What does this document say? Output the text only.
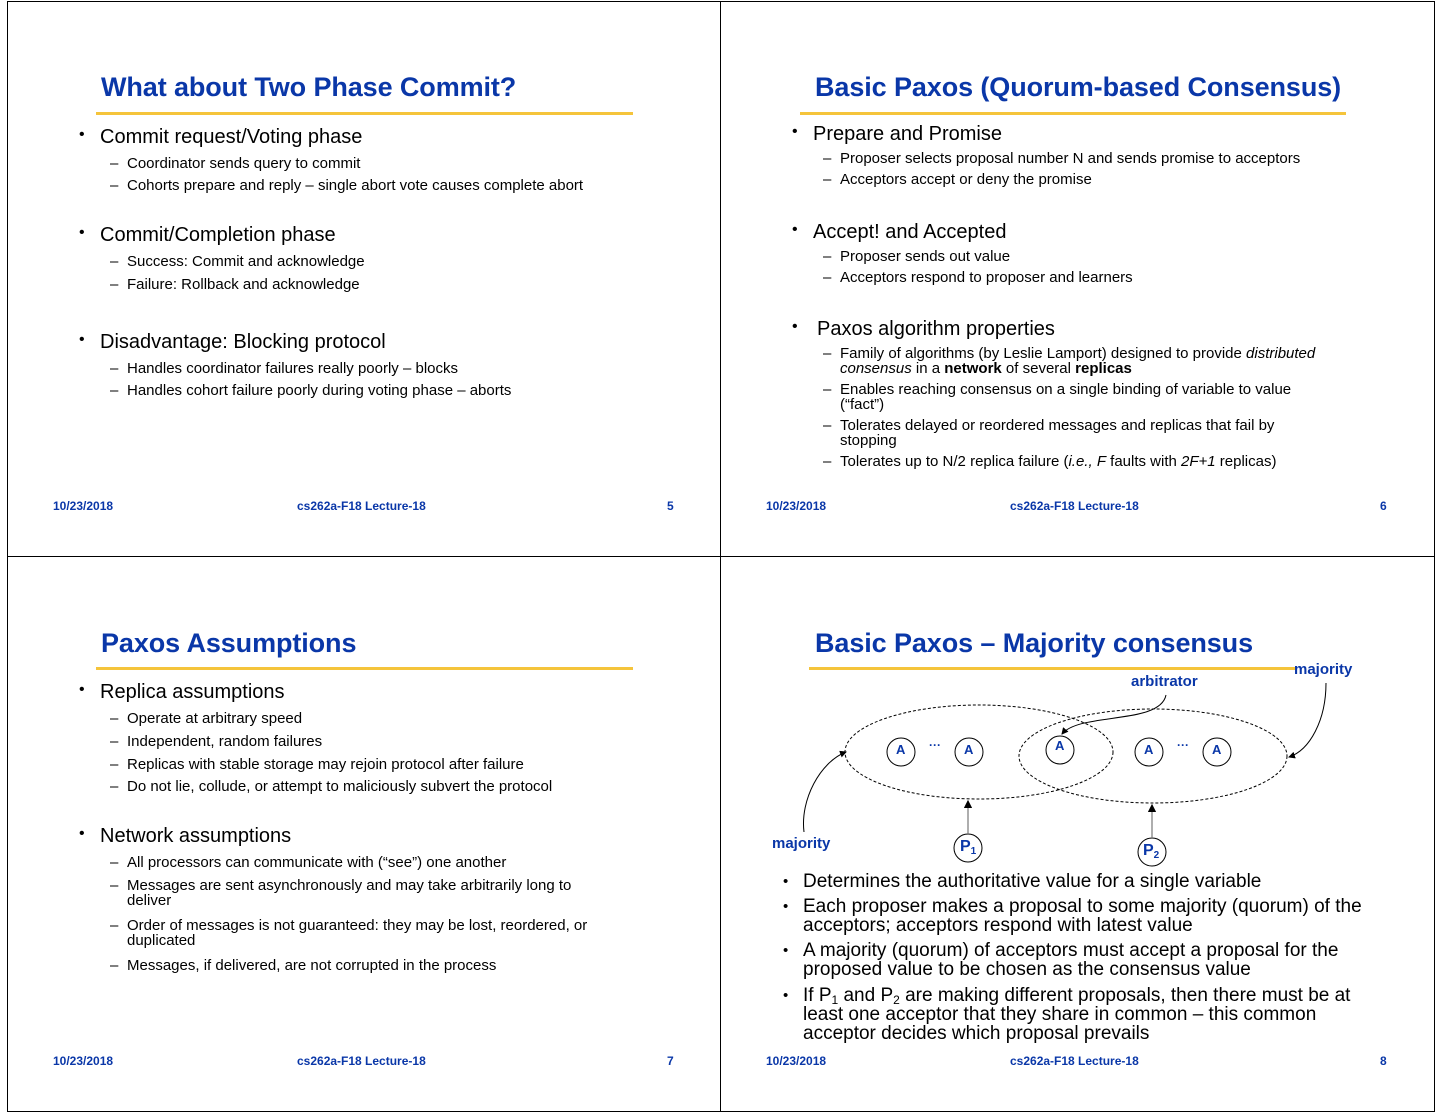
What about Two Phase Commit?
• Commit request/Voting phase
– Coordinator sends query to commit
– Cohorts prepare and reply – single abort vote causes complete abort
• Commit/Completion phase
– Success: Commit and acknowledge
– Failure: Rollback and acknowledge
• Disadvantage: Blocking protocol
– Handles coordinator failures really poorly – blocks
– Handles cohort failure poorly during voting phase – aborts
10/23/2018	cs262a-F18 Lecture-18	5
Basic Paxos (Quorum-based Consensus)
• Prepare and Promise
– Proposer selects proposal number N and sends promise to acceptors
– Acceptors accept or deny the promise
• Accept! and Accepted
– Proposer sends out value
– Acceptors respond to proposer and learners
• Paxos algorithm properties
– Family of algorithms (by Leslie Lamport) designed to provide distributed
consensus in a network of several replicas
– Enables reaching consensus on a single binding of variable to value
(“fact”)
– Tolerates delayed or reordered messages and replicas that fail by
stopping
– Tolerates up to N/2 replica failure (i.e., F faults with 2F+1 replicas)
10/23/2018	cs262a-F18 Lecture-18	6
Paxos Assumptions
• Replica assumptions
– Operate at arbitrary speed
– Independent, random failures
– Replicas with stable storage may rejoin protocol after failure
– Do not lie, collude, or attempt to maliciously subvert the protocol
• Network assumptions
– All processors can communicate with (“see”) one another
– Messages are sent asynchronously and may take arbitrarily long to
deliver
– Order of messages is not guaranteed: they may be lost, reordered, or
duplicated
– Messages, if delivered, are not corrupted in the process
10/23/2018	cs262a-F18 Lecture-18	7
Basic Paxos – Majority consensus
arbitrator
majority
majority
A ··· A	A	A ··· A
$P_1$	$P_2$
• Determines the authoritative value for a single variable
• Each proposer makes a proposal to some majority (quorum) of the
acceptors; acceptors respond with latest value
• A majority (quorum) of acceptors must accept a proposal for the
proposed value to be chosen as the consensus value
• If $P_1$ and $P_2$ are making different proposals, then there must be at
least one acceptor that they share in common – this common
acceptor decides which proposal prevails
10/23/2018	cs262a-F18 Lecture-18	8
